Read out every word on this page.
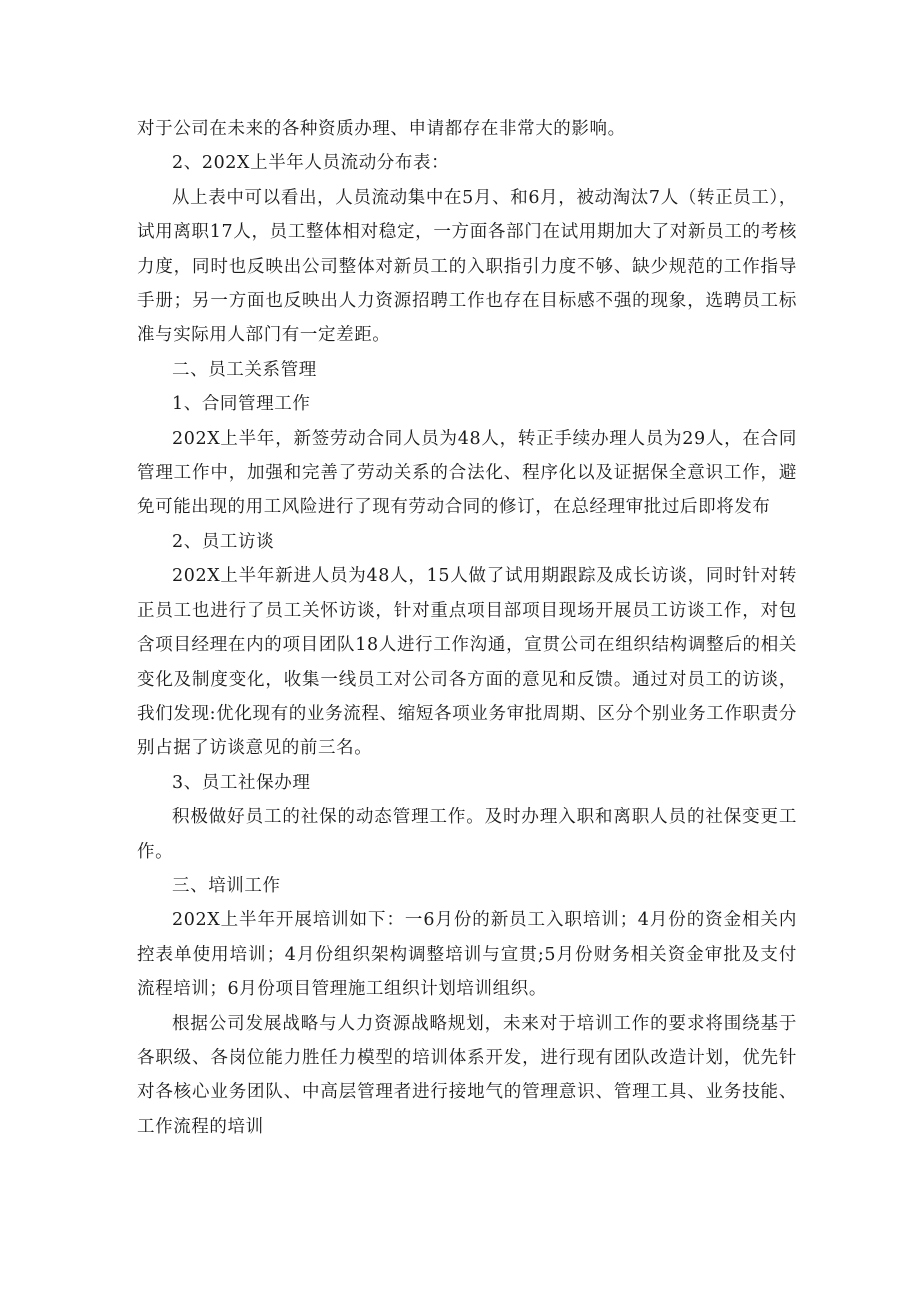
对于公司在未来的各种资质办理、申请都存在非常大的影响。

2、202X上半年人员流动分布表：

从上表中可以看出，人员流动集中在5月、和6月，被动淘汰7人（转正员工），试用离职17人，员工整体相对稳定，一方面各部门在试用期加大了对新员工的考核力度，同时也反映出公司整体对新员工的入职指引力度不够、缺少规范的工作指导手册；另一方面也反映出人力资源招聘工作也存在目标感不强的现象，选聘员工标准与实际用人部门有一定差距。

二、员工关系管理

1、合同管理工作

202X上半年，新签劳动合同人员为48人，转正手续办理人员为29人，在合同管理工作中，加强和完善了劳动关系的合法化、程序化以及证据保全意识工作，避免可能出现的用工风险进行了现有劳动合同的修订，在总经理审批过后即将发布

2、员工访谈

202X上半年新进人员为48人，15人做了试用期跟踪及成长访谈，同时针对转正员工也进行了员工关怀访谈，针对重点项目部项目现场开展员工访谈工作，对包含项目经理在内的项目团队18人进行工作沟通，宣贯公司在组织结构调整后的相关变化及制度变化，收集一线员工对公司各方面的意见和反馈。通过对员工的访谈，我们发现:优化现有的业务流程、缩短各项业务审批周期、区分个别业务工作职责分别占据了访谈意见的前三名。

3、员工社保办理

积极做好员工的社保的动态管理工作。及时办理入职和离职人员的社保变更工作。

三、培训工作

202X上半年开展培训如下：一6月份的新员工入职培训；4月份的资金相关内控表单使用培训；4月份组织架构调整培训与宣贯;5月份财务相关资金审批及支付流程培训；6月份项目管理施工组织计划培训组织。

根据公司发展战略与人力资源战略规划，未来对于培训工作的要求将围绕基于各职级、各岗位能力胜任力模型的培训体系开发，进行现有团队改造计划，优先针对各核心业务团队、中高层管理者进行接地气的管理意识、管理工具、业务技能、工作流程的培训
